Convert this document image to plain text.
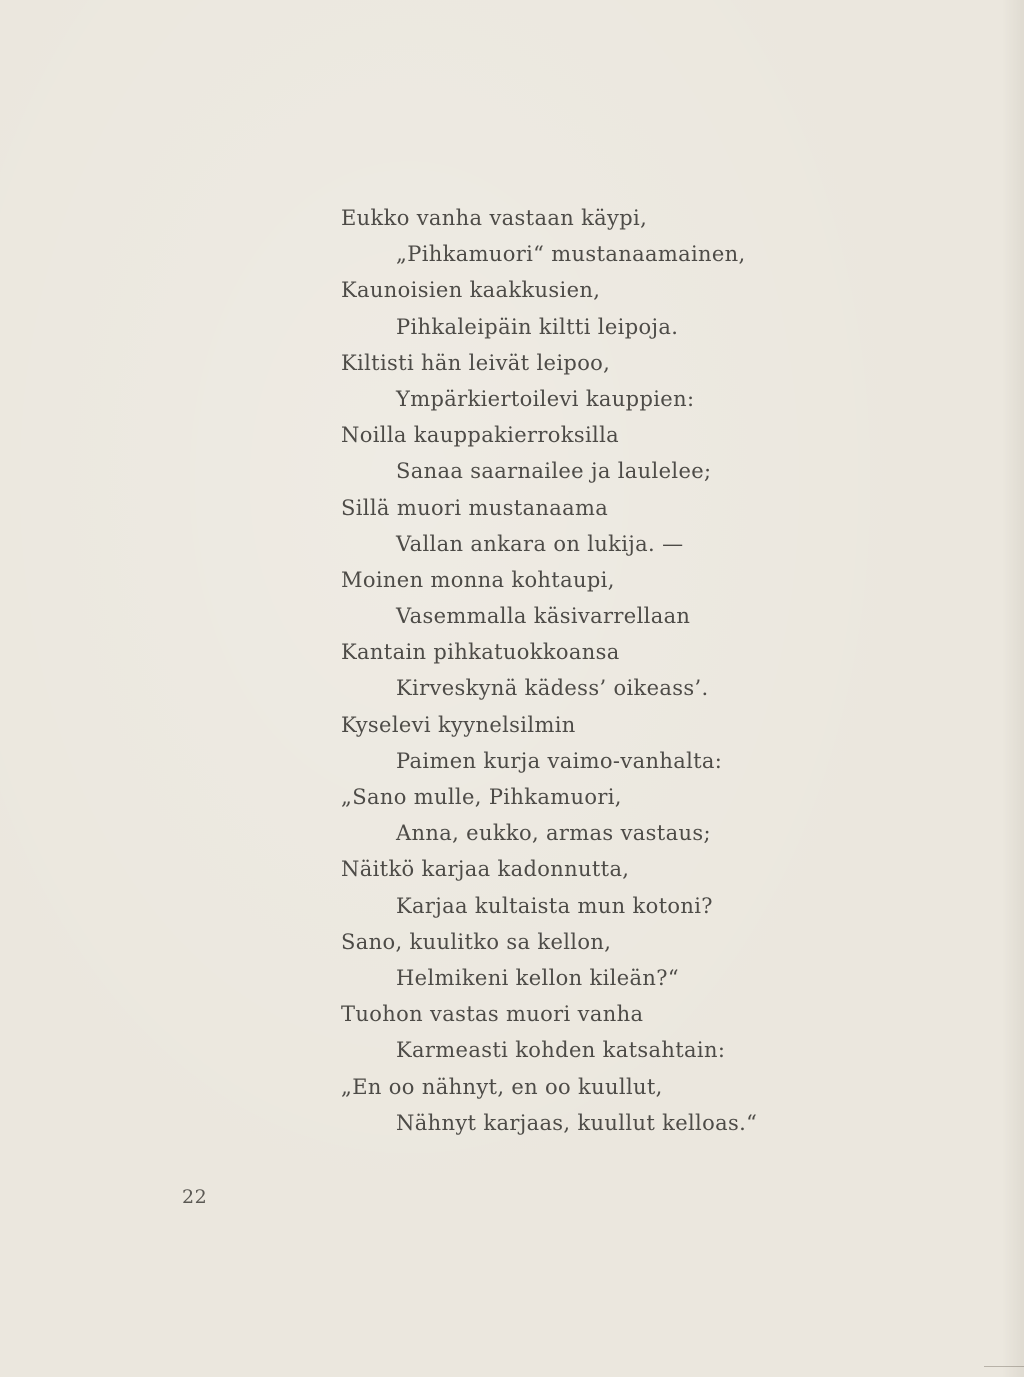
Eukko vanha vastaan käypi,
„Pihkamuori“ mustanaamainen,
Kaunoisien kaakkusien,
Pihkaleipäin kiltti leipoja.
Kiltisti hän leivät leipoo,
Ympärkiertoilevi kauppien:
Noilla kauppakierroksilla
Sanaa saarnailee ja laulelee;
Sillä muori mustanaama
Vallan ankara on lukija. —
Moinen monna kohtaupi,
Vasemmalla käsivarrellaan
Kantain pihkatuokkoansa
Kirveskynä kädess’ oikeass’.
Kyselevi kyynelsilmin
Paimen kurja vaimo-vanhalta:
„Sano mulle, Pihkamuori,
Anna, eukko, armas vastaus;
Näitkö karjaa kadonnutta,
Karjaa kultaista mun kotoni?
Sano, kuulitko sa kellon,
Helmikeni kellon kileän?“
Tuohon vastas muori vanha
Karmeasti kohden katsahtain:
„En oo nähnyt, en oo kuullut,
Nähnyt karjaas, kuullut kelloas.“
22
